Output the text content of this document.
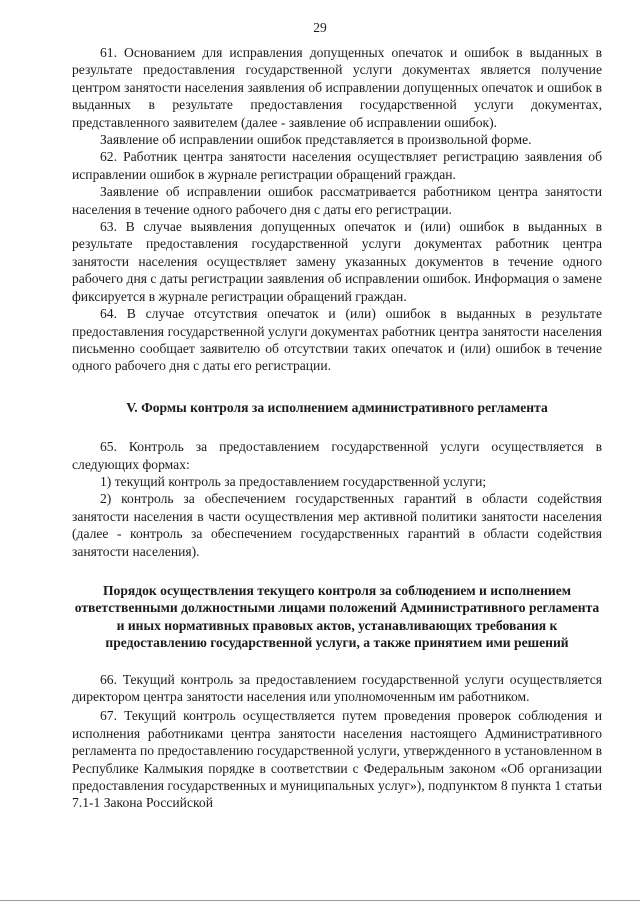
29

61. Основанием для исправления допущенных опечаток и ошибок в выданных в результате предоставления государственной услуги документах является получение центром занятости населения заявления об исправлении допущенных опечаток и ошибок в выданных в результате предоставления государственной услуги документах, представленного заявителем (далее - заявление об исправлении ошибок).

Заявление об исправлении ошибок представляется в произвольной форме.

62. Работник центра занятости населения осуществляет регистрацию заявления об исправлении ошибок в журнале регистрации обращений граждан.

Заявление об исправлении ошибок рассматривается работником центра занятости населения в течение одного рабочего дня с даты его регистрации.

63. В случае выявления допущенных опечаток и (или) ошибок в выданных в результате предоставления государственной услуги документах работник центра занятости населения осуществляет замену указанных документов в течение одного рабочего дня с даты регистрации заявления об исправлении ошибок. Информация о замене фиксируется в журнале регистрации обращений граждан.

64. В случае отсутствия опечаток и (или) ошибок в выданных в результате предоставления государственной услуги документах работник центра занятости населения письменно сообщает заявителю об отсутствии таких опечаток и (или) ошибок в течение одного рабочего дня с даты его регистрации.

V. Формы контроля за исполнением административного регламента

65. Контроль за предоставлением государственной услуги осуществляется в следующих формах:

1) текущий контроль за предоставлением государственной услуги;

2) контроль за обеспечением государственных гарантий в области содействия занятости населения в части осуществления мер активной политики занятости населения (далее - контроль за обеспечением государственных гарантий в области содействия занятости населения).

Порядок осуществления текущего контроля за соблюдением и исполнением ответственными должностными лицами положений Административного регламента и иных нормативных правовых актов, устанавливающих требования к предоставлению государственной услуги, а также принятием ими решений

66. Текущий контроль за предоставлением государственной услуги осуществляется директором центра занятости населения или уполномоченным им работником.

67. Текущий контроль осуществляется путем проведения проверок соблюдения и исполнения работниками центра занятости населения настоящего Административного регламента по предоставлению государственной услуги, утвержденного в установленном в Республике Калмыкия порядке в соответствии с Федеральным законом «Об организации предоставления государственных и муниципальных услуг»), подпунктом 8 пункта 1 статьи 7.1-1 Закона Российской
